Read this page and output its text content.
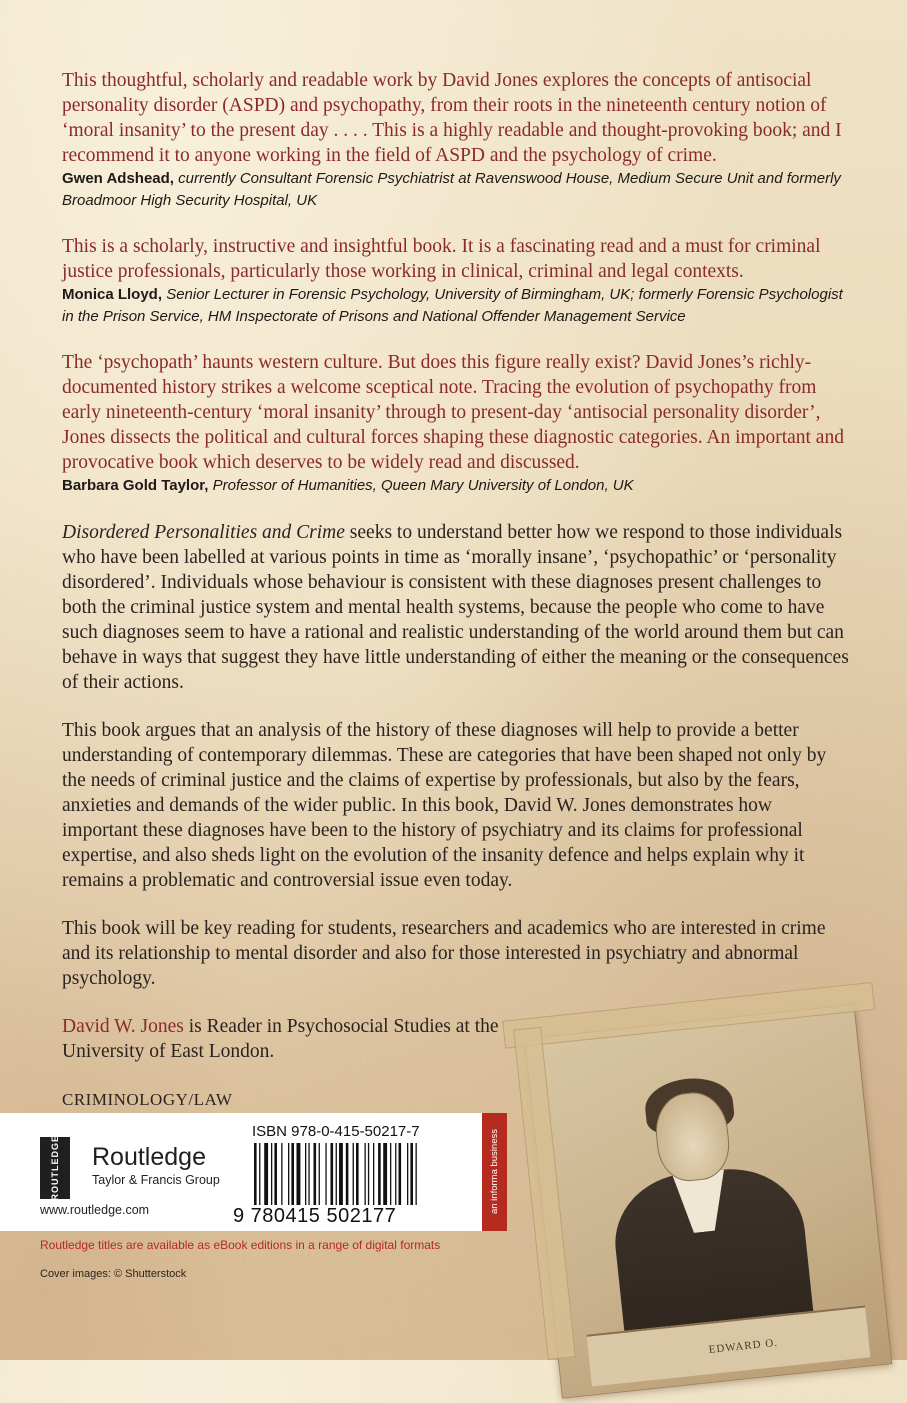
This thoughtful, scholarly and readable work by David Jones explores the concepts of antisocial personality disorder (ASPD) and psychopathy, from their roots in the nineteenth century notion of ‘moral insanity’ to the present day . . . . This is a highly readable and thought-provoking book; and I recommend it to anyone working in the field of ASPD and the psychology of crime.

Gwen Adshead, currently Consultant Forensic Psychiatrist at Ravenswood House, Medium Secure Unit and formerly Broadmoor High Security Hospital, UK

This is a scholarly, instructive and insightful book. It is a fascinating read and a must for criminal justice professionals, particularly those working in clinical, criminal and legal contexts.

Monica Lloyd, Senior Lecturer in Forensic Psychology, University of Birmingham, UK; formerly Forensic Psychologist in the Prison Service, HM Inspectorate of Prisons and National Offender Management Service

The ‘psychopath’ haunts western culture. But does this figure really exist? David Jones’s richly-documented history strikes a welcome sceptical note. Tracing the evolution of psychopathy from early nineteenth-century ‘moral insanity’ through to present-day ‘antisocial personality disorder’, Jones dissects the political and cultural forces shaping these diagnostic categories. An important and provocative book which deserves to be widely read and discussed.

Barbara Gold Taylor, Professor of Humanities, Queen Mary University of London, UK

Disordered Personalities and Crime seeks to understand better how we respond to those individuals who have been labelled at various points in time as ‘morally insane’, ‘psychopathic’ or ‘personality disordered’. Individuals whose behaviour is consistent with these diagnoses present challenges to both the criminal justice system and mental health systems, because the people who come to have such diagnoses seem to have a rational and realistic understanding of the world around them but can behave in ways that suggest they have little understanding of either the meaning or the consequences of their actions.

This book argues that an analysis of the history of these diagnoses will help to provide a better understanding of contemporary dilemmas. These are categories that have been shaped not only by the needs of criminal justice and the claims of expertise by professionals, but also by the fears, anxieties and demands of the wider public. In this book, David W. Jones demonstrates how important these diagnoses have been to the history of psychiatry and its claims for professional expertise, and also sheds light on the evolution of the insanity defence and helps explain why it remains a problematic and controversial issue even today.

This book will be key reading for students, researchers and academics who are interested in crime and its relationship to mental disorder and also for those interested in psychiatry and abnormal psychology.

David W. Jones is Reader in Psychosocial Studies at the University of East London.

CRIMINOLOGY/LAW

EDWARD O.
ROUTLEDGE Routledge
Taylor & Francis Group
www.routledge.com
ISBN 978-0-415-50217-7
9 780415 502177
an informa business
Routledge titles are available as eBook editions in a range of digital formats
Cover images: © Shutterstock
